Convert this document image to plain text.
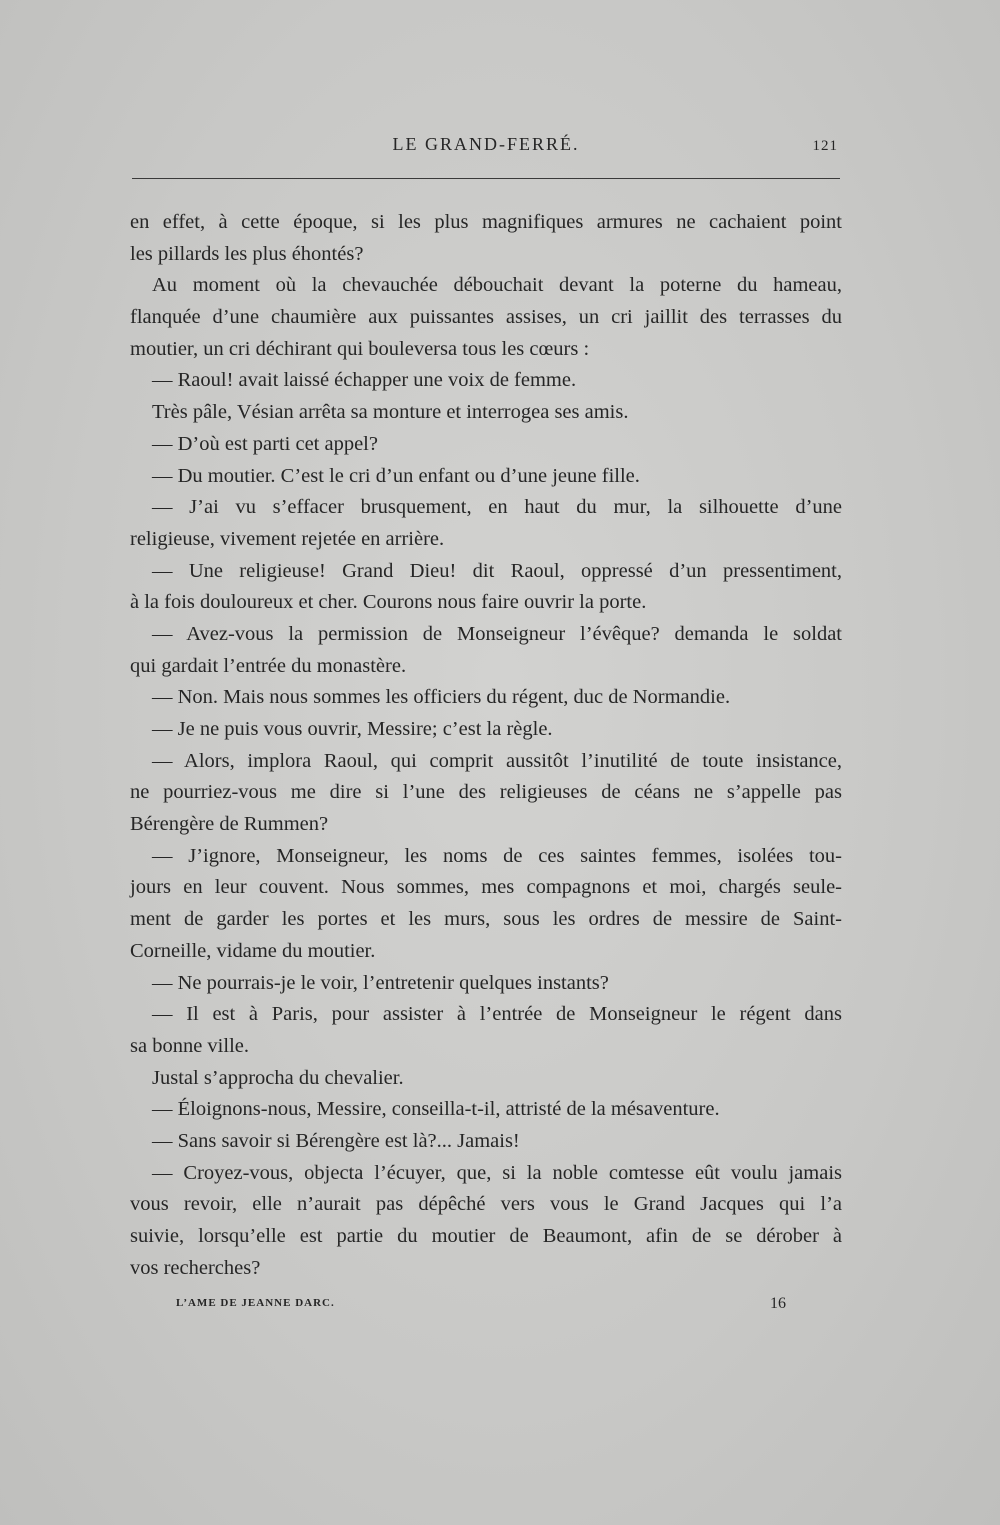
LE GRAND-FERRÉ.	121
en effet, à cette époque, si les plus magnifiques armures ne cachaient point
les pillards les plus éhontés?
Au moment où la chevauchée débouchait devant la poterne du hameau,
flanquée d’une chaumière aux puissantes assises, un cri jaillit des terrasses du
moutier, un cri déchirant qui bouleversa tous les cœurs :
— Raoul! avait laissé échapper une voix de femme.
Très pâle, Vésian arrêta sa monture et interrogea ses amis.
— D’où est parti cet appel?
— Du moutier. C’est le cri d’un enfant ou d’une jeune fille.
— J’ai vu s’effacer brusquement, en haut du mur, la silhouette d’une
religieuse, vivement rejetée en arrière.
— Une religieuse! Grand Dieu! dit Raoul, oppressé d’un pressentiment,
à la fois douloureux et cher. Courons nous faire ouvrir la porte.
— Avez-vous la permission de Monseigneur l’évêque? demanda le soldat
qui gardait l’entrée du monastère.
— Non. Mais nous sommes les officiers du régent, duc de Normandie.
— Je ne puis vous ouvrir, Messire; c’est la règle.
— Alors, implora Raoul, qui comprit aussitôt l’inutilité de toute insistance,
ne pourriez-vous me dire si l’une des religieuses de céans ne s’appelle pas
Bérengère de Rummen?
— J’ignore, Monseigneur, les noms de ces saintes femmes, isolées tou-
jours en leur couvent. Nous sommes, mes compagnons et moi, chargés seule-
ment de garder les portes et les murs, sous les ordres de messire de Saint-
Corneille, vidame du moutier.
— Ne pourrais-je le voir, l’entretenir quelques instants?
— Il est à Paris, pour assister à l’entrée de Monseigneur le régent dans
sa bonne ville.
Justal s’approcha du chevalier.
— Éloignons-nous, Messire, conseilla-t-il, attristé de la mésaventure.
— Sans savoir si Bérengère est là?... Jamais!
— Croyez-vous, objecta l’écuyer, que, si la noble comtesse eût voulu jamais
vous revoir, elle n’aurait pas dépêché vers vous le Grand Jacques qui l’a
suivie, lorsqu’elle est partie du moutier de Beaumont, afin de se dérober à
vos recherches?
L’AME DE JEANNE DARC.	16
